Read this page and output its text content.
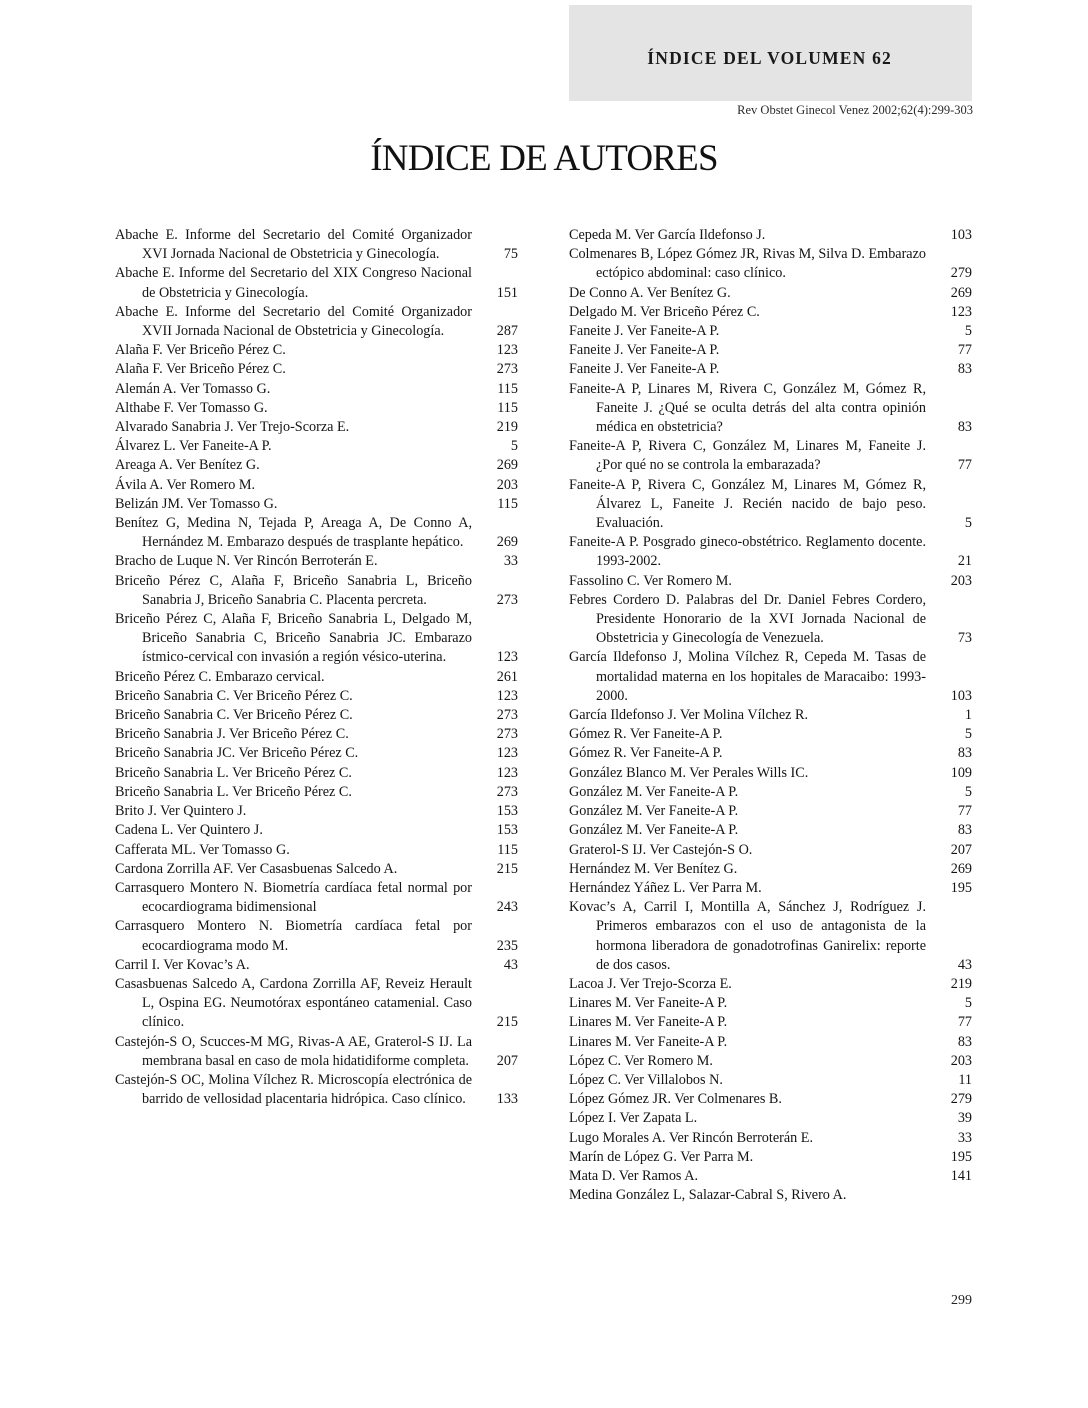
ÍNDICE DEL VOLUMEN 62
Rev Obstet Ginecol Venez 2002;62(4):299-303
ÍNDICE DE AUTORES
Abache E. Informe del Secretario del Comité Organizador XVI Jornada Nacional de Obstetricia y Ginecología.	75
Abache E. Informe del Secretario del XIX Congreso Nacional de Obstetricia y Ginecología.	151
Abache E. Informe del Secretario del Comité Organizador XVII Jornada Nacional de Obstetricia y Ginecología.	287
Alaña F. Ver Briceño Pérez C.	123
Alaña F. Ver Briceño Pérez C.	273
Alemán A. Ver Tomasso G.	115
Althabe F. Ver Tomasso G.	115
Alvarado Sanabria J. Ver Trejo-Scorza E.	219
Álvarez L. Ver Faneite-A P.	5
Areaga A. Ver Benítez G.	269
Ávila A. Ver Romero M.	203
Belizán JM. Ver Tomasso G.	115
Benítez G, Medina N, Tejada P, Areaga A, De Conno A, Hernández M. Embarazo después de trasplante hepático.	269
Bracho de Luque N. Ver Rincón Berroterán E.	33
Briceño Pérez C, Alaña F, Briceño Sanabria L, Briceño Sanabria J, Briceño Sanabria C. Placenta percreta.	273
Briceño Pérez C, Alaña F, Briceño Sanabria L, Delgado M, Briceño Sanabria C, Briceño Sanabria JC. Embarazo ístmico-cervical con invasión a región vésico-uterina.	123
Briceño Pérez C. Embarazo cervical.	261
Briceño Sanabria C. Ver Briceño Pérez C.	123
Briceño Sanabria C. Ver Briceño Pérez C.	273
Briceño Sanabria J. Ver Briceño Pérez C.	273
Briceño Sanabria JC. Ver Briceño Pérez C.	123
Briceño Sanabria L. Ver Briceño Pérez C.	123
Briceño Sanabria L. Ver Briceño Pérez C.	273
Brito J. Ver Quintero J.	153
Cadena L. Ver Quintero J.	153
Cafferata ML. Ver Tomasso G.	115
Cardona Zorrilla AF. Ver Casasbuenas Salcedo A.	215
Carrasquero Montero N. Biometría cardíaca fetal normal por ecocardiograma bidimensional	243
Carrasquero Montero N. Biometría cardíaca fetal por ecocardiograma modo M.	235
Carril I. Ver Kovac’s A.	43
Casasbuenas Salcedo A, Cardona Zorrilla AF, Reveiz Herault L, Ospina EG. Neumotórax espontáneo catamenial. Caso clínico.	215
Castejón-S O, Scucces-M MG, Rivas-A AE, Graterol-S IJ. La membrana basal en caso de mola hidatidiforme completa.	207
Castejón-S OC, Molina Vílchez R. Microscopía electrónica de barrido de vellosidad placentaria hidrópica. Caso clínico.	133
Cepeda M. Ver García Ildefonso J.	103
Colmenares B, López Gómez JR, Rivas M, Silva D. Embarazo ectópico abdominal: caso clínico.	279
De Conno A. Ver Benítez G.	269
Delgado M. Ver Briceño Pérez C.	123
Faneite J. Ver Faneite-A P.	5
Faneite J. Ver Faneite-A P.	77
Faneite J. Ver Faneite-A P.	83
Faneite-A P, Linares M, Rivera C, González M, Gómez R, Faneite J. ¿Qué se oculta detrás del alta contra opinión médica en obstetricia?	83
Faneite-A P, Rivera C, González M, Linares M, Faneite J. ¿Por qué no se controla la embarazada?	77
Faneite-A P, Rivera C, González M, Linares M, Gómez R, Álvarez L, Faneite J. Recién nacido de bajo peso. Evaluación.	5
Faneite-A P. Posgrado gineco-obstétrico. Reglamento docente. 1993-2002.	21
Fassolino C. Ver Romero M.	203
Febres Cordero D. Palabras del Dr. Daniel Febres Cordero, Presidente Honorario de la XVI Jornada Nacional de Obstetricia y Ginecología de Venezuela.	73
García Ildefonso J, Molina Vílchez R, Cepeda M. Tasas de mortalidad materna en los hopitales de Maracaibo: 1993-2000.	103
García Ildefonso J. Ver Molina Vílchez R.	1
Gómez R. Ver Faneite-A P.	5
Gómez R. Ver Faneite-A P.	83
González Blanco M. Ver Perales Wills IC.	109
González M. Ver Faneite-A P.	5
González M. Ver Faneite-A P.	77
González M. Ver Faneite-A P.	83
Graterol-S IJ. Ver Castejón-S O.	207
Hernández M. Ver Benítez G.	269
Hernández Yáñez L. Ver Parra M.	195
Kovac’s A, Carril I, Montilla A, Sánchez J, Rodríguez J. Primeros embarazos con el uso de antagonista de la hormona liberadora de gonadotrofinas Ganirelix: reporte de dos casos.	43
Lacoa J. Ver Trejo-Scorza E.	219
Linares M. Ver Faneite-A P.	5
Linares M. Ver Faneite-A P.	77
Linares M. Ver Faneite-A P.	83
López C. Ver Romero M.	203
López C. Ver Villalobos N.	11
López Gómez JR. Ver Colmenares B.	279
López I. Ver Zapata L.	39
Lugo Morales A. Ver Rincón Berroterán E.	33
Marín de López G. Ver Parra M.	195
Mata D. Ver Ramos A.	141
Medina González L, Salazar-Cabral S, Rivero A.
299
